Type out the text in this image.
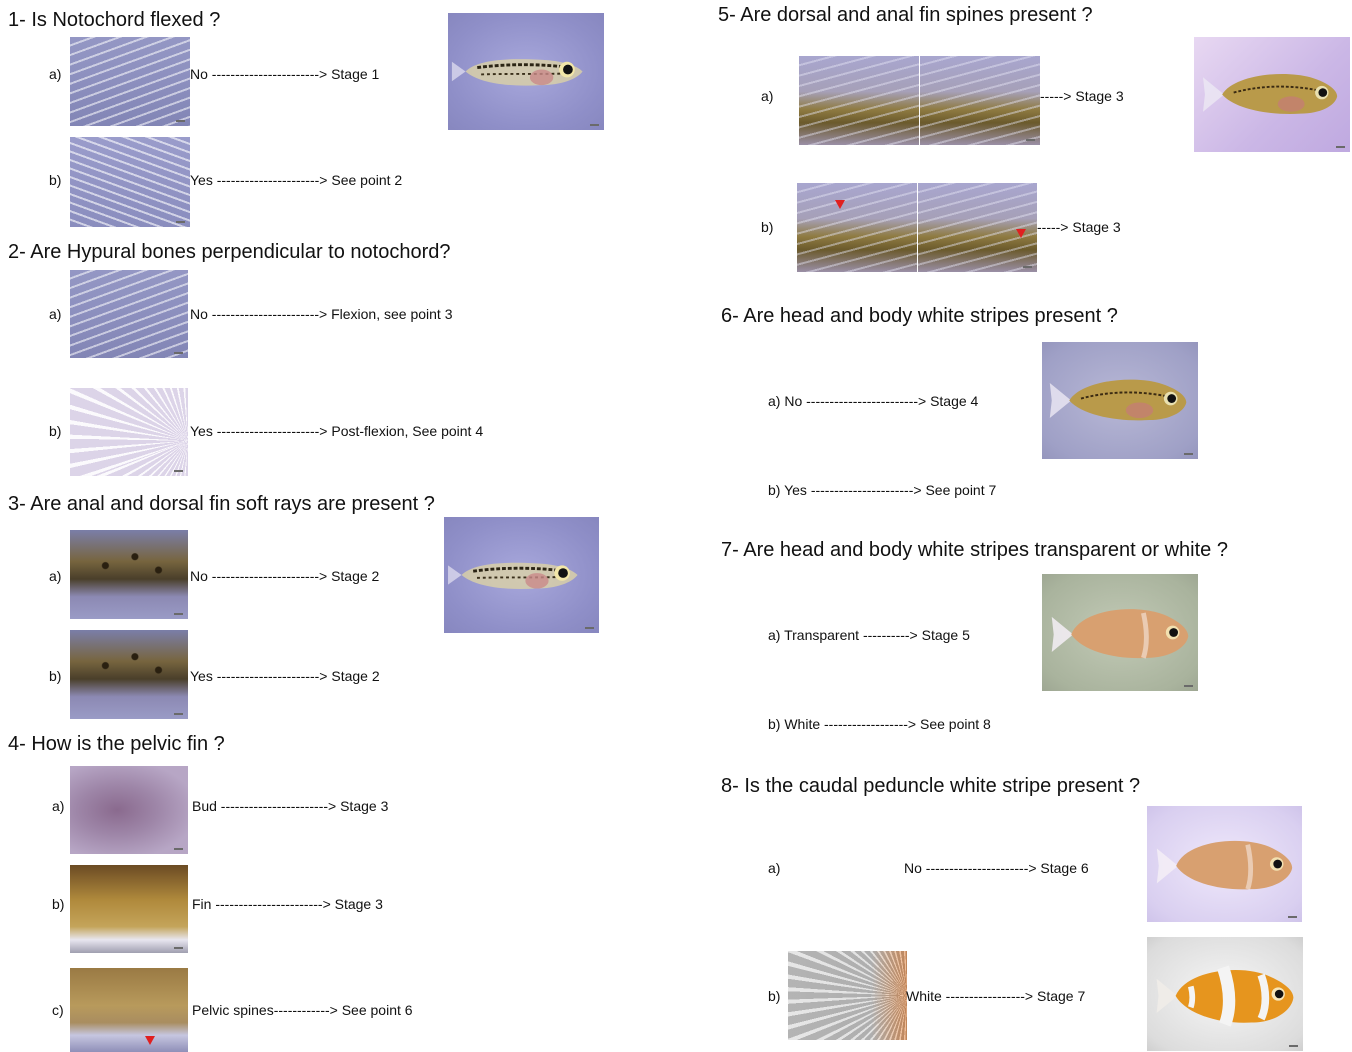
1- Is Notochord flexed ?
a)	No -----------------------> Stage 1
b)	Yes ----------------------> See point 2
2- Are Hypural bones perpendicular to notochord?
a)	No -----------------------> Flexion, see point 3
b)	Yes ----------------------> Post-flexion, See point 4
3- Are anal and dorsal fin soft rays are present ?
a)	No -----------------------> Stage 2
b)	Yes ----------------------> Stage 2
4- How is the pelvic fin ?
a)	Bud -----------------------> Stage 3
b)	Fin -----------------------> Stage 3
c)	Pelvic spines------------> See point 6
5- Are dorsal and anal fin spines present ?
a)	-----> Stage 3
b)	-----> Stage 3
6- Are head and body white stripes present ?
a) No ------------------------> Stage 4
b) Yes ----------------------> See point 7
7- Are head and body white stripes transparent or white ?
a) Transparent ----------> Stage 5
b) White ------------------> See point 8
8- Is the caudal peduncle white stripe present ?
a)	No ----------------------> Stage 6
b)	White -----------------> Stage 7
